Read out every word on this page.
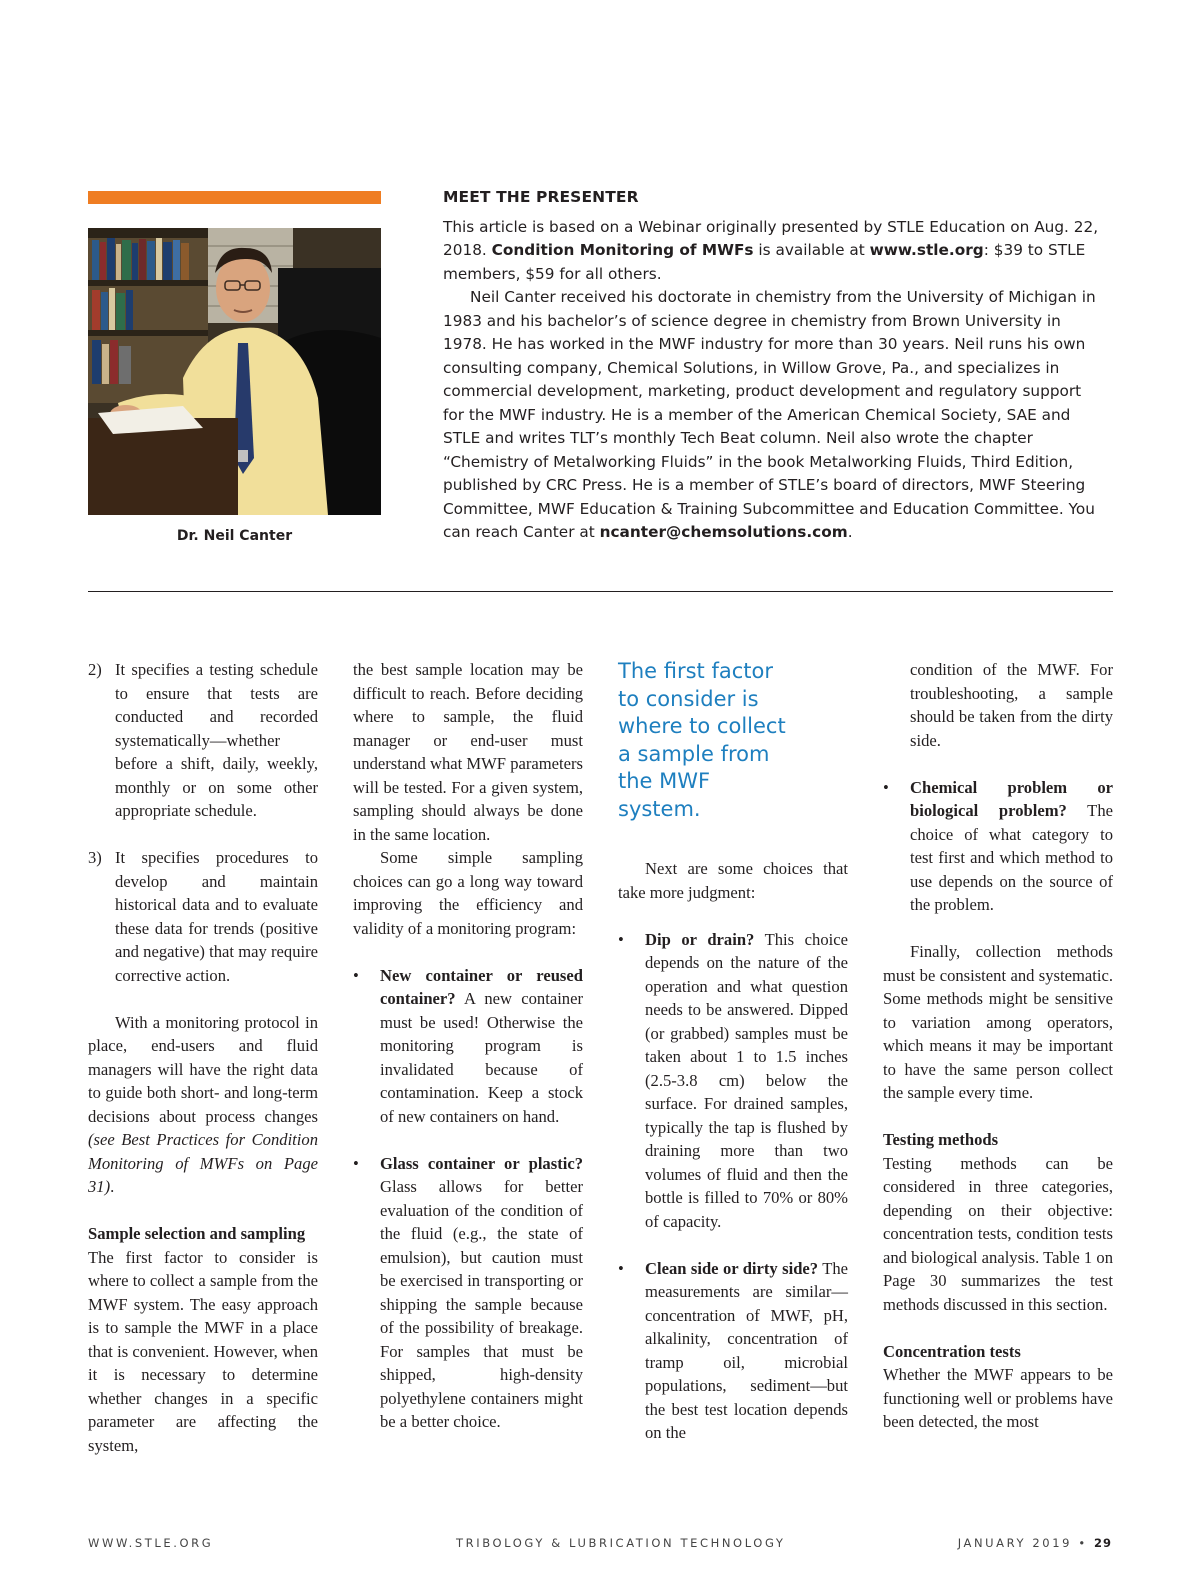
Dr. Neil Canter
MEET THE PRESENTER

This article is based on a Webinar originally presented by STLE Education on Aug. 22, 2018. Condition Monitoring of MWFs is available at www.stle.org: $39 to STLE members, $59 for all others.

Neil Canter received his doctorate in chemistry from the University of Michigan in 1983 and his bachelor’s of science degree in chemistry from Brown University in 1978. He has worked in the MWF industry for more than 30 years. Neil runs his own consulting company, Chemical Solutions, in Willow Grove, Pa., and specializes in commercial development, marketing, product development and regulatory support for the MWF industry. He is a member of the American Chemical Society, SAE and STLE and writes TLT’s monthly Tech Beat column. Neil also wrote the chapter “Chemistry of Metalworking Fluids” in the book Metalworking Fluids, Third Edition, published by CRC Press. He is a member of STLE’s board of directors, MWF Steering Committee, MWF Education & Training Subcommittee and Education Committee. You can reach Canter at ncanter@chemsolutions.com.

2) It specifies a testing schedule to ensure that tests are conducted and recorded systematically—whether before a shift, daily, weekly, monthly or on some other appropriate schedule.

3) It specifies procedures to develop and maintain historical data and to evaluate these data for trends (positive and negative) that may require corrective action.

With a monitoring protocol in place, end-users and fluid managers will have the right data to guide both short- and long-term decisions about process changes (see Best Practices for Condition Monitoring of MWFs on Page 31).

Sample selection and sampling

The first factor to consider is where to collect a sample from the MWF system. The easy approach is to sample the MWF in a place that is convenient. However, when it is necessary to determine whether changes in a specific parameter are affecting the system,

the best sample location may be difficult to reach. Before deciding where to sample, the fluid manager or end-user must understand what MWF parameters will be tested. For a given system, sampling should always be done in the same location.

Some simple sampling choices can go a long way toward improving the efficiency and validity of a monitoring program:

• New container or reused container? A new container must be used! Otherwise the monitoring program is invalidated because of contamination. Keep a stock of new containers on hand.

• Glass container or plastic? Glass allows for better evaluation of the condition of the fluid (e.g., the state of emulsion), but caution must be exercised in transporting or shipping the sample because of the possibility of breakage. For samples that must be shipped, high-density polyethylene containers might be a better choice.

The first factor to consider is where to collect a sample from the MWF system.

Next are some choices that take more judgment:

• Dip or drain? This choice depends on the nature of the operation and what question needs to be answered. Dipped (or grabbed) samples must be taken about 1 to 1.5 inches (2.5-3.8 cm) below the surface. For drained samples, typically the tap is flushed by draining more than two volumes of fluid and then the bottle is filled to 70% or 80% of capacity.

• Clean side or dirty side? The measurements are similar—concentration of MWF, pH, alkalinity, concentration of tramp oil, microbial populations, sediment—but the best test location depends on the

condition of the MWF. For troubleshooting, a sample should be taken from the dirty side.

• Chemical problem or biological problem? The choice of what category to test first and which method to use depends on the source of the problem.

Finally, collection methods must be consistent and systematic. Some methods might be sensitive to variation among operators, which means it may be important to have the same person collect the sample every time.

Testing methods

Testing methods can be considered in three categories, depending on their objective: concentration tests, condition tests and biological analysis. Table 1 on Page 30 summarizes the test methods discussed in this section.

Concentration tests

Whether the MWF appears to be functioning well or problems have been detected, the most

WWW.STLE.ORG	TRIBOLOGY & LUBRICATION TECHNOLOGY	JANUARY 2019 • 29
